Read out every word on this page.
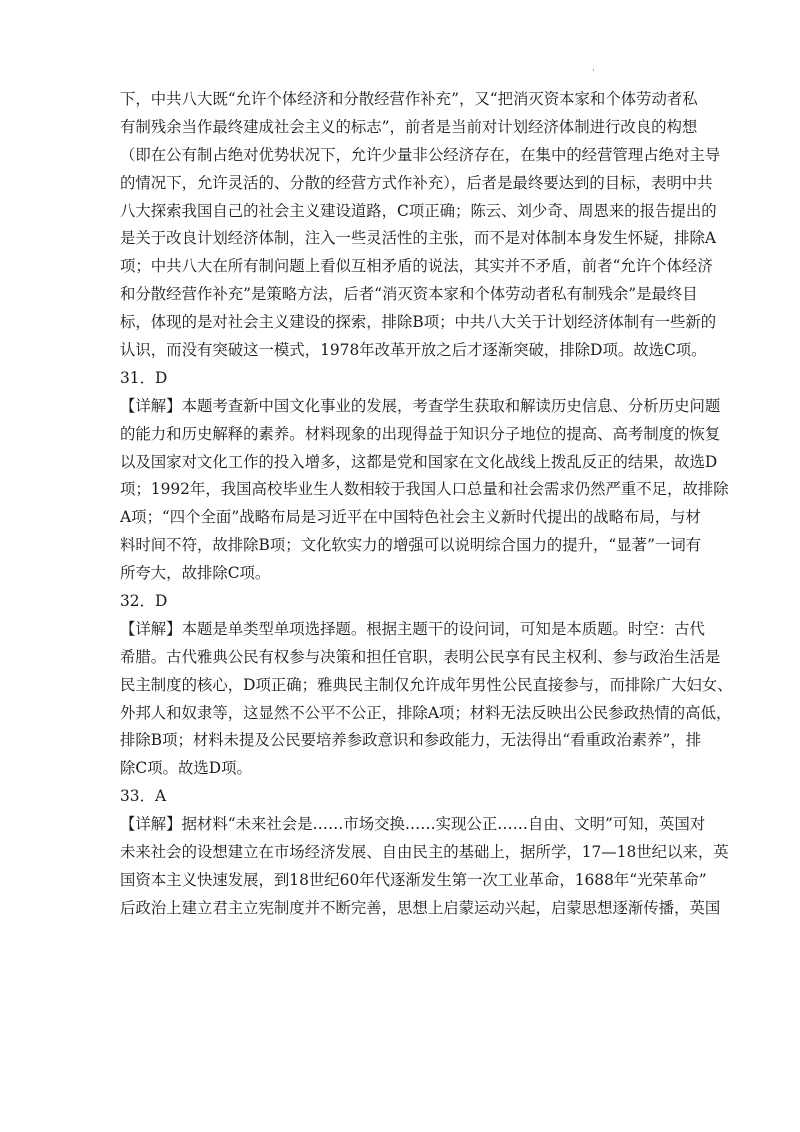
·
下，中共八大既“允许个体经济和分散经营作补充”，又“把消灭资本家和个体劳动者私
有制残余当作最终建成社会主义的标志”，前者是当前对计划经济体制进行改良的构想
（即在公有制占绝对优势状况下，允许少量非公经济存在，在集中的经营管理占绝对主导
的情况下，允许灵活的、分散的经营方式作补充），后者是最终要达到的目标，表明中共
八大探索我国自己的社会主义建设道路，C项正确；陈云、刘少奇、周恩来的报告提出的
是关于改良计划经济体制，注入一些灵活性的主张，而不是对体制本身发生怀疑，排除A
项；中共八大在所有制问题上看似互相矛盾的说法，其实并不矛盾，前者“允许个体经济
和分散经营作补充”是策略方法，后者“消灭资本家和个体劳动者私有制残余”是最终目
标，体现的是对社会主义建设的探索，排除B项；中共八大关于计划经济体制有一些新的
认识，而没有突破这一模式，1978年改革开放之后才逐渐突破，排除D项。故选C项。
31．D
【详解】本题考查新中国文化事业的发展，考查学生获取和解读历史信息、分析历史问题
的能力和历史解释的素养。材料现象的出现得益于知识分子地位的提高、高考制度的恢复
以及国家对文化工作的投入增多，这都是党和国家在文化战线上拨乱反正的结果，故选D
项；1992年，我国高校毕业生人数相较于我国人口总量和社会需求仍然严重不足，故排除
A项；“四个全面”战略布局是习近平在中国特色社会主义新时代提出的战略布局，与材
料时间不符，故排除B项；文化软实力的增强可以说明综合国力的提升，“显著”一词有
所夸大，故排除C项。
32．D
【详解】本题是单类型单项选择题。根据主题干的设问词，可知是本质题。时空：古代
希腊。古代雅典公民有权参与决策和担任官职，表明公民享有民主权利、参与政治生活是
民主制度的核心，D项正确；雅典民主制仅允许成年男性公民直接参与，而排除广大妇女、
外邦人和奴隶等，这显然不公平不公正，排除A项；材料无法反映出公民参政热情的高低，
排除B项；材料未提及公民要培养参政意识和参政能力，无法得出“看重政治素养”，排
除C项。故选D项。
33．A
【详解】据材料“未来社会是……市场交换……实现公正……自由、文明”可知，英国对
未来社会的设想建立在市场经济发展、自由民主的基础上，据所学，17—18世纪以来，英
国资本主义快速发展，到18世纪60年代逐渐发生第一次工业革命，1688年“光荣革命”
后政治上建立君主立宪制度并不断完善，思想上启蒙运动兴起，启蒙思想逐渐传播，英国
